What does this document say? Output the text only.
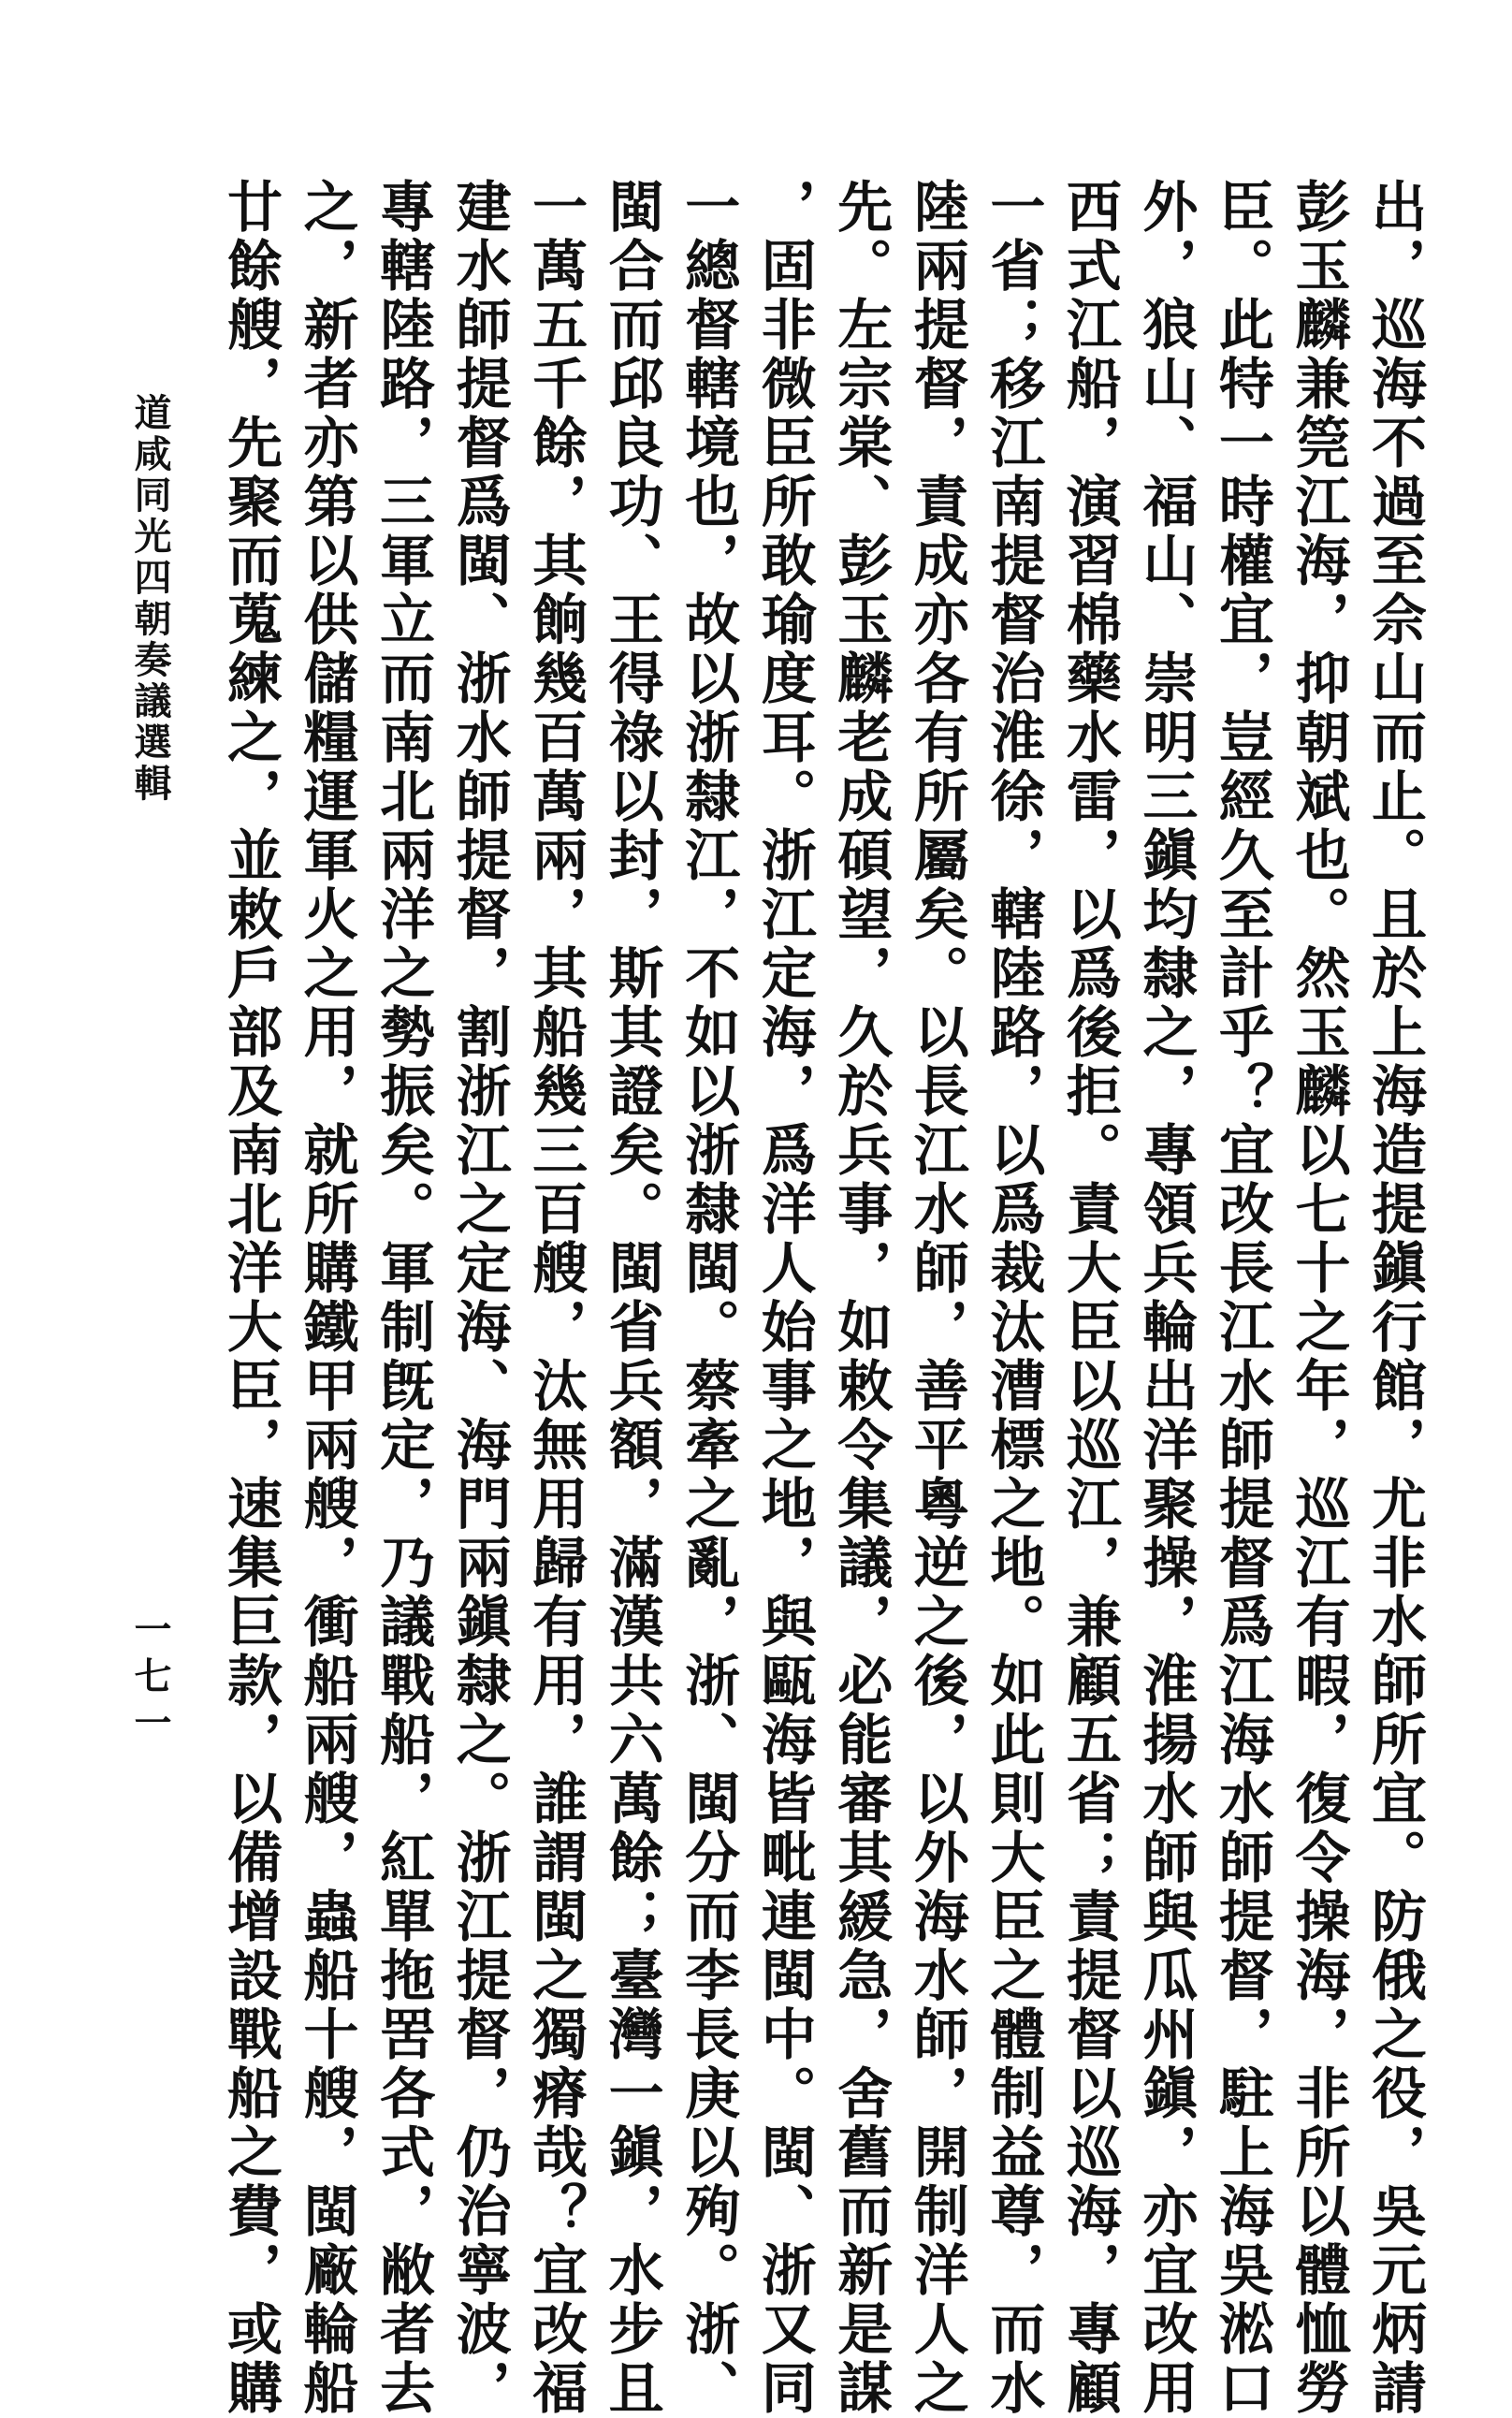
道咸同光四朝奏議選輯
一七一	出，巡海不過至佘山而止。且於上海造提鎭行館，尤非水師所宜。防俄之役，吳元炳請
彭玉麟兼筦江海，抑朝斌也。然玉麟以七十之年，巡江有暇，復令操海，非所以體恤勞
臣。此特一時權宜，豈經久至計乎？宜改長江水師提督爲江海水師提督，駐上海吳淞口
外，狼山、福山、崇明三鎭均隸之，專領兵輪出洋聚操，淮揚水師與瓜州鎭，亦宜改用
西式江船，演習棉藥水雷，以爲後拒。責大臣以巡江，兼顧五省；責提督以巡海，專顧
一省；移江南提督治淮徐，轄陸路，以爲裁汰漕標之地。如此則大臣之體制益尊，而水
陸兩提督，責成亦各有所屬矣。以長江水師，善平粵逆之後，以外海水師，開制洋人之
先。左宗棠、彭玉麟老成碩望，久於兵事，如敕令集議，必能審其緩急，舍舊而新是謀
，固非微臣所敢瑜度耳。浙江定海，爲洋人始事之地，與甌海皆毗連閩中。閩、浙又同
一總督轄境也，故以浙隸江，不如以浙隸閩。蔡牽之亂，浙、閩分而李長庚以殉。浙、
閩合而邱良功、王得祿以封，斯其證矣。閩省兵額，滿漢共六萬餘；臺灣一鎭，水步且
一萬五千餘，其餉幾百萬兩，其船幾三百艘，汰無用歸有用，誰謂閩之獨瘠哉？宜改福
建水師提督爲閩、浙水師提督，割浙江之定海、海門兩鎭隸之。浙江提督，仍治寧波，
專轄陸路，三軍立而南北兩洋之勢振矣。軍制旣定，乃議戰船，紅單拖罟各式，敝者去
之，新者亦第以供儲糧運軍火之用，就所購鐵甲兩艘，衝船兩艘，蟲船十艘，閩廠輪船
廿餘艘，先聚而蒐練之，並敕戶部及南北洋大臣，速集巨款，以備增設戰船之費，或購
